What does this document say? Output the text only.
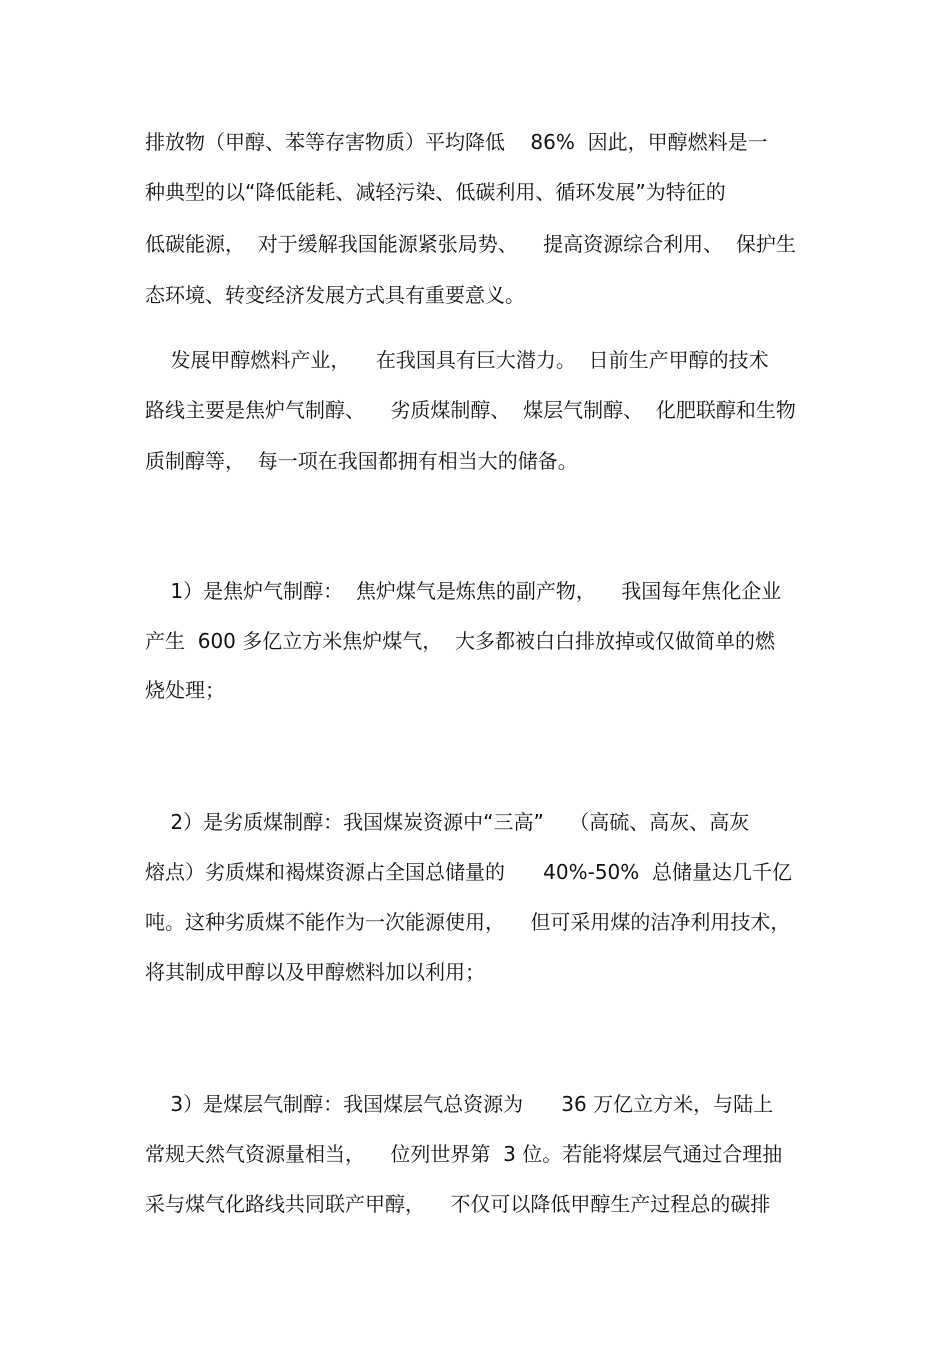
排放物（甲醇、苯等存害物质）平均降低    86%  因此，甲醇燃料是一
种典型的以“降低能耗、减轻污染、低碳利用、循环发展”为特征的
低碳能源，  对于缓解我国能源紧张局势、    提高资源综合利用、  保护生
态环境、转变经济发展方式具有重要意义。
发展甲醇燃料产业，    在我国具有巨大潜力。  日前生产甲醇的技术
路线主要是焦炉气制醇、    劣质煤制醇、  煤层气制醇、  化肥联醇和生物
质制醇等，  每一项在我国都拥有相当大的储备。
1）是焦炉气制醇：  焦炉煤气是炼焦的副产物，    我国每年焦化企业
产生  600 多亿立方米焦炉煤气，  大多都被白白排放掉或仅做简单的燃
烧处理；
2）是劣质煤制醇：我国煤炭资源中“三高”    （高硫、高灰、高灰
熔点）劣质煤和褐煤资源占全国总储量的      40%-50%  总储量达几千亿
吨。这种劣质煤不能作为一次能源使用，    但可采用煤的洁净利用技术，
将其制成甲醇以及甲醇燃料加以利用；
3）是煤层气制醇：我国煤层气总资源为      36 万亿立方米，与陆上
常规天然气资源量相当，    位列世界第  3 位。若能将煤层气通过合理抽
采与煤气化路线共同联产甲醇，    不仅可以降低甲醇生产过程总的碳排
